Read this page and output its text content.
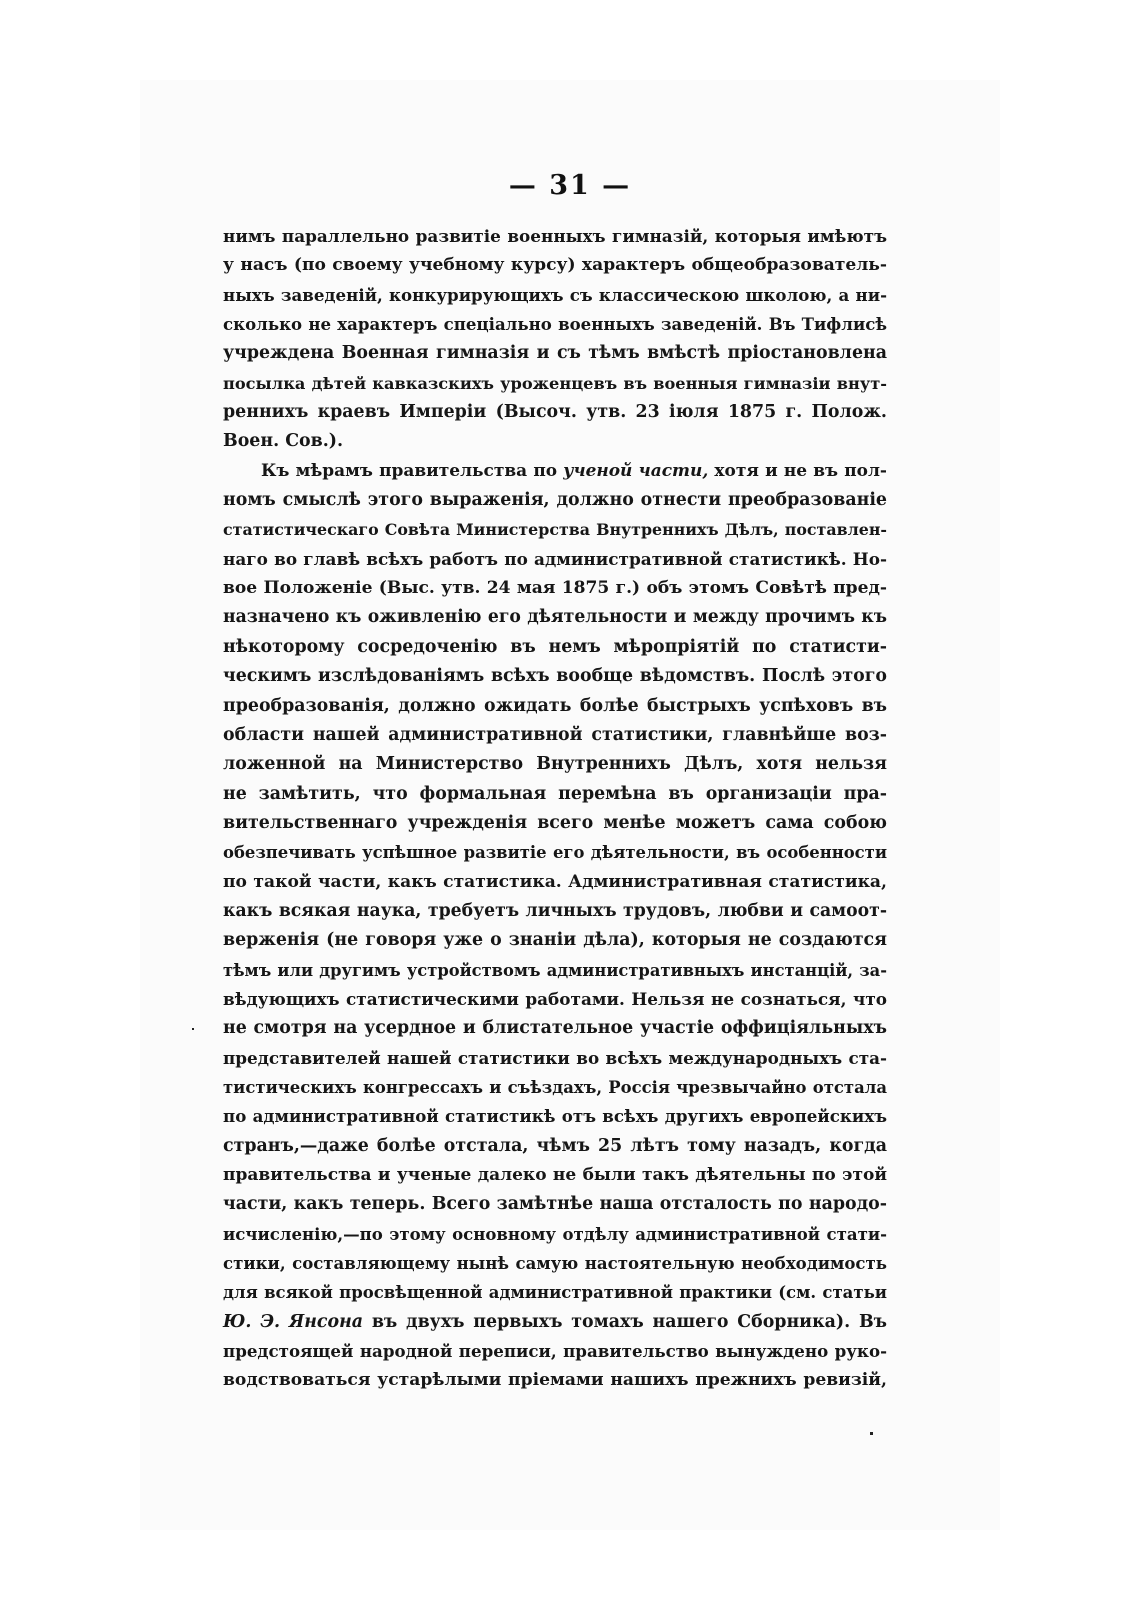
— 31 —
нимъ параллельно развитіе военныхъ гимназій, которыя имѣютъ
у насъ (по своему учебному курсу) характеръ общеобразователь-
ныхъ заведеній, конкурирующихъ съ классическою школою, а ни-
сколько не характеръ спеціально военныхъ заведеній. Въ Тифлисѣ
учреждена Военная гимназія и съ тѣмъ вмѣстѣ пріостановлена
посылка дѣтей кавказскихъ уроженцевъ въ военныя гимназіи внут-
реннихъ краевъ Имперіи (Высоч. утв. 23 іюля 1875 г. Полож.
Воен. Сов.).
Къ мѣрамъ правительства по ученой части, хотя и не въ пол-
номъ смыслѣ этого выраженія, должно отнести преобразованіе
статистическаго Совѣта Министерства Внутреннихъ Дѣлъ, поставлен-
наго во главѣ всѣхъ работъ по административной статистикѣ. Но-
вое Положеніе (Выс. утв. 24 мая 1875 г.) объ этомъ Совѣтѣ пред-
назначено къ оживленію его дѣятельности и между прочимъ къ
нѣкоторому сосредоченію въ немъ мѣропріятій по статисти-
ческимъ изслѣдованіямъ всѣхъ вообще вѣдомствъ. Послѣ этого
преобразованія, должно ожидать болѣе быстрыхъ успѣховъ въ
области нашей административной статистики, главнѣйше воз-
ложенной на Министерство Внутреннихъ Дѣлъ, хотя нельзя
не замѣтить, что формальная перемѣна въ организаціи пра-
вительственнаго учрежденія всего менѣе можетъ сама собою
обезпечивать успѣшное развитіе его дѣятельности, въ особенности
по такой части, какъ статистика. Административная статистика,
какъ всякая наука, требуетъ личныхъ трудовъ, любви и самоот-
верженія (не говоря уже о знаніи дѣла), которыя не создаются
тѣмъ или другимъ устройствомъ административныхъ инстанцій, за-
вѣдующихъ статистическими работами. Нельзя не сознаться, что
не смотря на усердное и блистательное участіе оффиціяльныхъ
представителей нашей статистики во всѣхъ международныхъ ста-
тистическихъ конгрессахъ и съѣздахъ, Россія чрезвычайно отстала
по административной статистикѣ отъ всѣхъ другихъ европейскихъ
странъ,—даже болѣе отстала, чѣмъ 25 лѣтъ тому назадъ, когда
правительства и ученые далеко не были такъ дѣятельны по этой
части, какъ теперь. Всего замѣтнѣе наша отсталость по народо-
исчисленію,—по этому основному отдѣлу административной стати-
стики, составляющему нынѣ самую настоятельную необходимость
для всякой просвѣщенной административной практики (см. статьи
Ю. Э. Янсона въ двухъ первыхъ томахъ нашего Сборника). Въ
предстоящей народной переписи, правительство вынуждено руко-
водствоваться устарѣлыми пріемами нашихъ прежнихъ ревизій,
